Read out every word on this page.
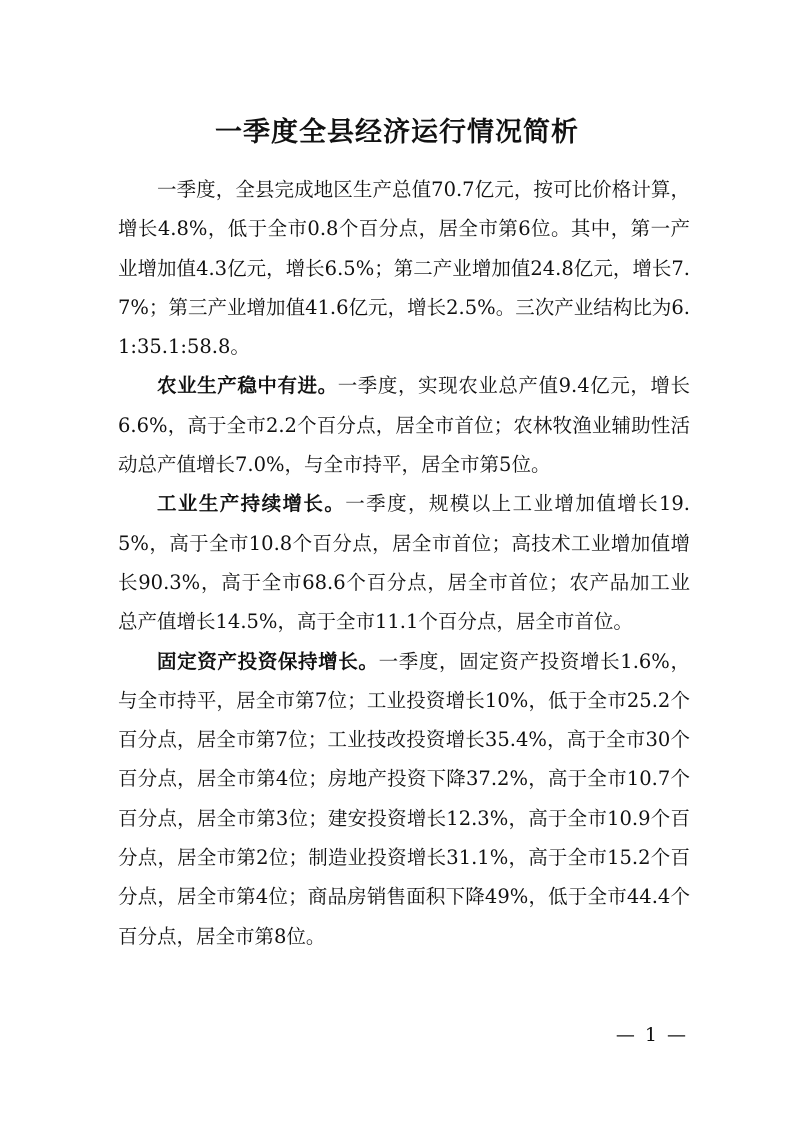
一季度全县经济运行情况简析

一季度，全县完成地区生产总值70.7亿元，按可比价格计算，增长4.8%，低于全市0.8个百分点，居全市第6位。其中，第一产业增加值4.3亿元，增长6.5%；第二产业增加值24.8亿元，增长7.7%；第三产业增加值41.6亿元，增长2.5%。三次产业结构比为6.1:35.1:58.8。

农业生产稳中有进。一季度，实现农业总产值9.4亿元，增长6.6%，高于全市2.2个百分点，居全市首位；农林牧渔业辅助性活动总产值增长7.0%，与全市持平，居全市第5位。

工业生产持续增长。一季度，规模以上工业增加值增长19.5%，高于全市10.8个百分点，居全市首位；高技术工业增加值增长90.3%，高于全市68.6个百分点，居全市首位；农产品加工业总产值增长14.5%，高于全市11.1个百分点，居全市首位。

固定资产投资保持增长。一季度，固定资产投资增长1.6%，与全市持平，居全市第7位；工业投资增长10%，低于全市25.2个百分点，居全市第7位；工业技改投资增长35.4%，高于全市30个百分点，居全市第4位；房地产投资下降37.2%，高于全市10.7个百分点，居全市第3位；建安投资增长12.3%，高于全市10.9个百分点，居全市第2位；制造业投资增长31.1%，高于全市15.2个百分点，居全市第4位；商品房销售面积下降49%，低于全市44.4个百分点，居全市第8位。

— 1 —
